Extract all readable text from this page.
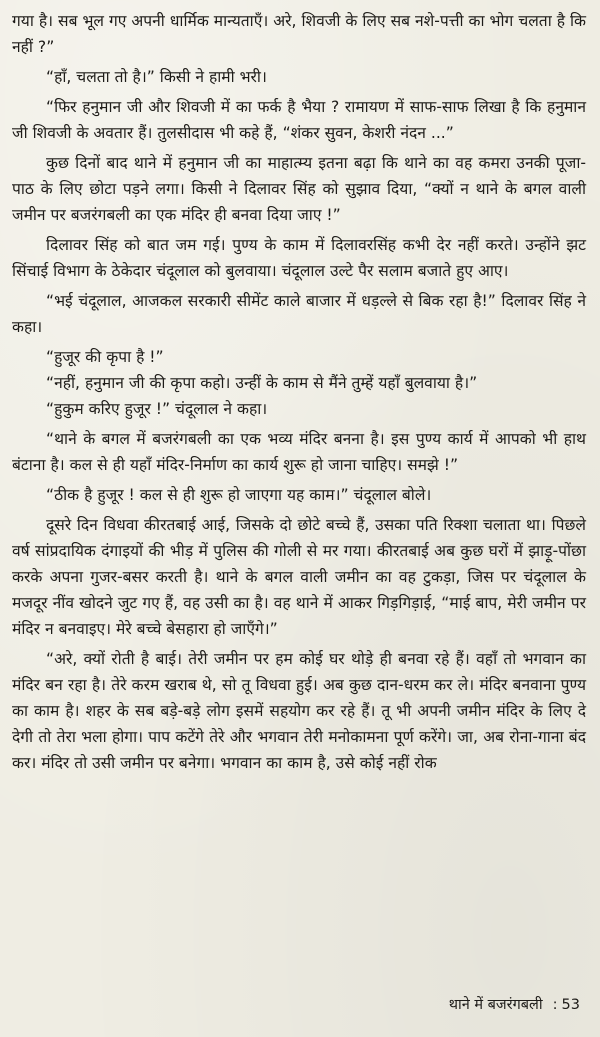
गया है। सब भूल गए अपनी धार्मिक मान्यताएँ। अरे, शिवजी के लिए सब नशे-पत्ती का भोग चलता है कि नहीं ?”

“हाँ, चलता तो है।” किसी ने हामी भरी।

“फिर हनुमान जी और शिवजी में का फर्क है भैया ? रामायण में साफ-साफ लिखा है कि हनुमान जी शिवजी के अवतार हैं। तुलसीदास भी कहे हैं, “शंकर सुवन, केशरी नंदन ...”

कुछ दिनों बाद थाने में हनुमान जी का माहात्म्य इतना बढ़ा कि थाने का वह कमरा उनकी पूजा-पाठ के लिए छोटा पड़ने लगा। किसी ने दिलावर सिंह को सुझाव दिया, “क्यों न थाने के बगल वाली जमीन पर बजरंगबली का एक मंदिर ही बनवा दिया जाए !”

दिलावर सिंह को बात जम गई। पुण्य के काम में दिलावरसिंह कभी देर नहीं करते। उन्होंने झट सिंचाई विभाग के ठेकेदार चंदूलाल को बुलवाया। चंदूलाल उल्टे पैर सलाम बजाते हुए आए।

“भई चंदूलाल, आजकल सरकारी सीमेंट काले बाजार में धड़ल्ले से बिक रहा है!” दिलावर सिंह ने कहा।

“हुजूर की कृपा है !”

“नहीं, हनुमान जी की कृपा कहो। उन्हीं के काम से मैंने तुम्हें यहाँ बुलवाया है।”

“हुकुम करिए हुजूर !” चंदूलाल ने कहा।

“थाने के बगल में बजरंगबली का एक भव्य मंदिर बनना है। इस पुण्य कार्य में आपको भी हाथ बंटाना है। कल से ही यहाँ मंदिर-निर्माण का कार्य शुरू हो जाना चाहिए। समझे !”

“ठीक है हुजूर ! कल से ही शुरू हो जाएगा यह काम।” चंदूलाल बोले।

दूसरे दिन विधवा कीरतबाई आई, जिसके दो छोटे बच्चे हैं, उसका पति रिक्शा चलाता था। पिछले वर्ष सांप्रदायिक दंगाइयों की भीड़ में पुलिस की गोली से मर गया। कीरतबाई अब कुछ घरों में झाड़ू-पोंछा करके अपना गुजर-बसर करती है। थाने के बगल वाली जमीन का वह टुकड़ा, जिस पर चंदूलाल के मजदूर नींव खोदने जुट गए हैं, वह उसी का है। वह थाने में आकर गिड़गिड़ाई, “माई बाप, मेरी जमीन पर मंदिर न बनवाइए। मेरे बच्चे बेसहारा हो जाएँगे।”

“अरे, क्यों रोती है बाई। तेरी जमीन पर हम कोई घर थोड़े ही बनवा रहे हैं। वहाँ तो भगवान का मंदिर बन रहा है। तेरे करम खराब थे, सो तू विधवा हुई। अब कुछ दान-धरम कर ले। मंदिर बनवाना पुण्य का काम है। शहर के सब बड़े-बड़े लोग इसमें सहयोग कर रहे हैं। तू भी अपनी जमीन मंदिर के लिए दे देगी तो तेरा भला होगा। पाप कटेंगे तेरे और भगवान तेरी मनोकामना पूर्ण करेंगे। जा, अब रोना-गाना बंद कर। मंदिर तो उसी जमीन पर बनेगा। भगवान का काम है, उसे कोई नहीं रोक

थाने में बजरंगबली : 53
